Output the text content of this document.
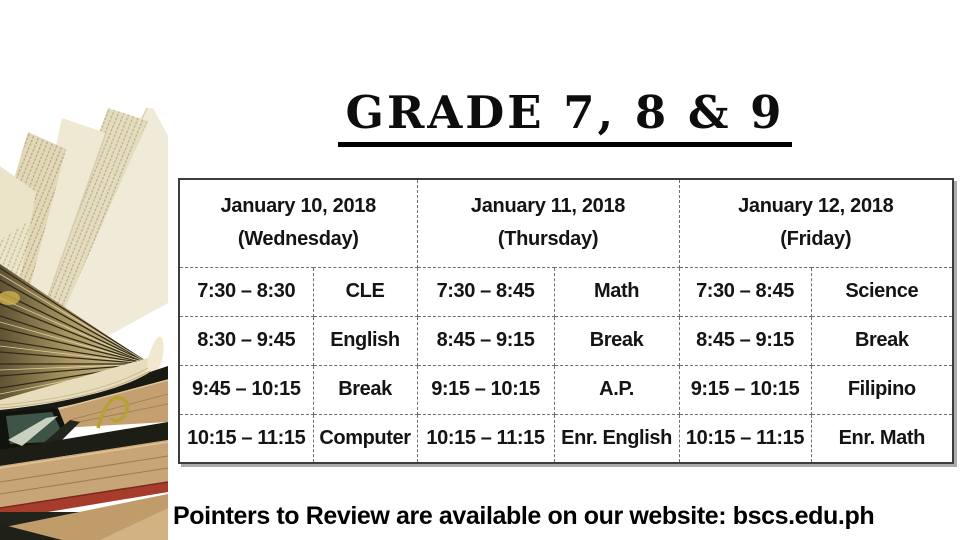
GRADE 7, 8 & 9
January 10, 2018
(Wednesday)

January 11, 2018
(Thursday)

January 12, 2018
(Friday)

7:30 – 8:30	CLE	7:30 – 8:45	Math	7:30 – 8:45	Science
8:30 – 9:45	English	8:45 – 9:15	Break	8:45 – 9:15	Break
9:45 – 10:15	Break	9:15 – 10:15	A.P.	9:15 – 10:15	Filipino
10:15 – 11:15	Computer	10:15 – 11:15	Enr. English	10:15 – 11:15	Enr. Math
Pointers to Review are available on our website: bscs.edu.ph
